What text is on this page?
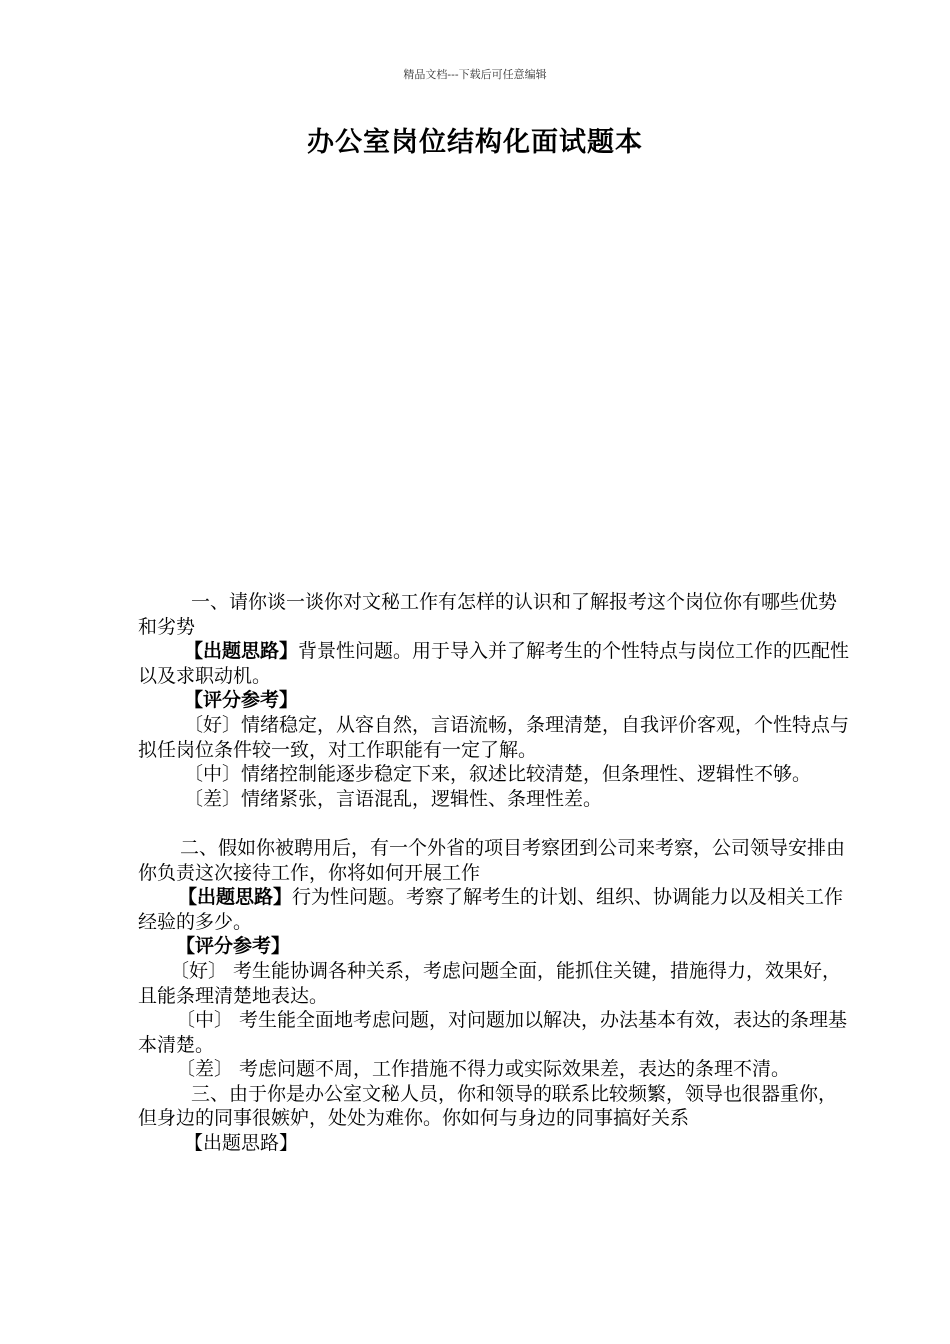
精品文档---下载后可任意编辑
办公室岗位结构化面试题本

一、请你谈一谈你对文秘工作有怎样的认识和了解报考这个岗位你有哪些优势和劣势

【出题思路】背景性问题。用于导入并了解考生的个性特点与岗位工作的匹配性以及求职动机。

【评分参考】

〔好〕情绪稳定，从容自然，言语流畅，条理清楚，自我评价客观，个性特点与拟任岗位条件较一致，对工作职能有一定了解。

〔中〕情绪控制能逐步稳定下来，叙述比较清楚，但条理性、逻辑性不够。

〔差〕情绪紧张，言语混乱，逻辑性、条理性差。

二、假如你被聘用后，有一个外省的项目考察团到公司来考察，公司领导安排由你负责这次接待工作，你将如何开展工作

【出题思路】行为性问题。考察了解考生的计划、组织、协调能力以及相关工作经验的多少。

【评分参考】

〔好〕 考生能协调各种关系，考虑问题全面，能抓住关键，措施得力，效果好，且能条理清楚地表达。

〔中〕 考生能全面地考虑问题，对问题加以解决，办法基本有效，表达的条理基本清楚。

〔差〕 考虑问题不周，工作措施不得力或实际效果差，表达的条理不清。

三、由于你是办公室文秘人员，你和领导的联系比较频繁，领导也很器重你，但身边的同事很嫉妒，处处为难你。你如何与身边的同事搞好关系

【出题思路】
